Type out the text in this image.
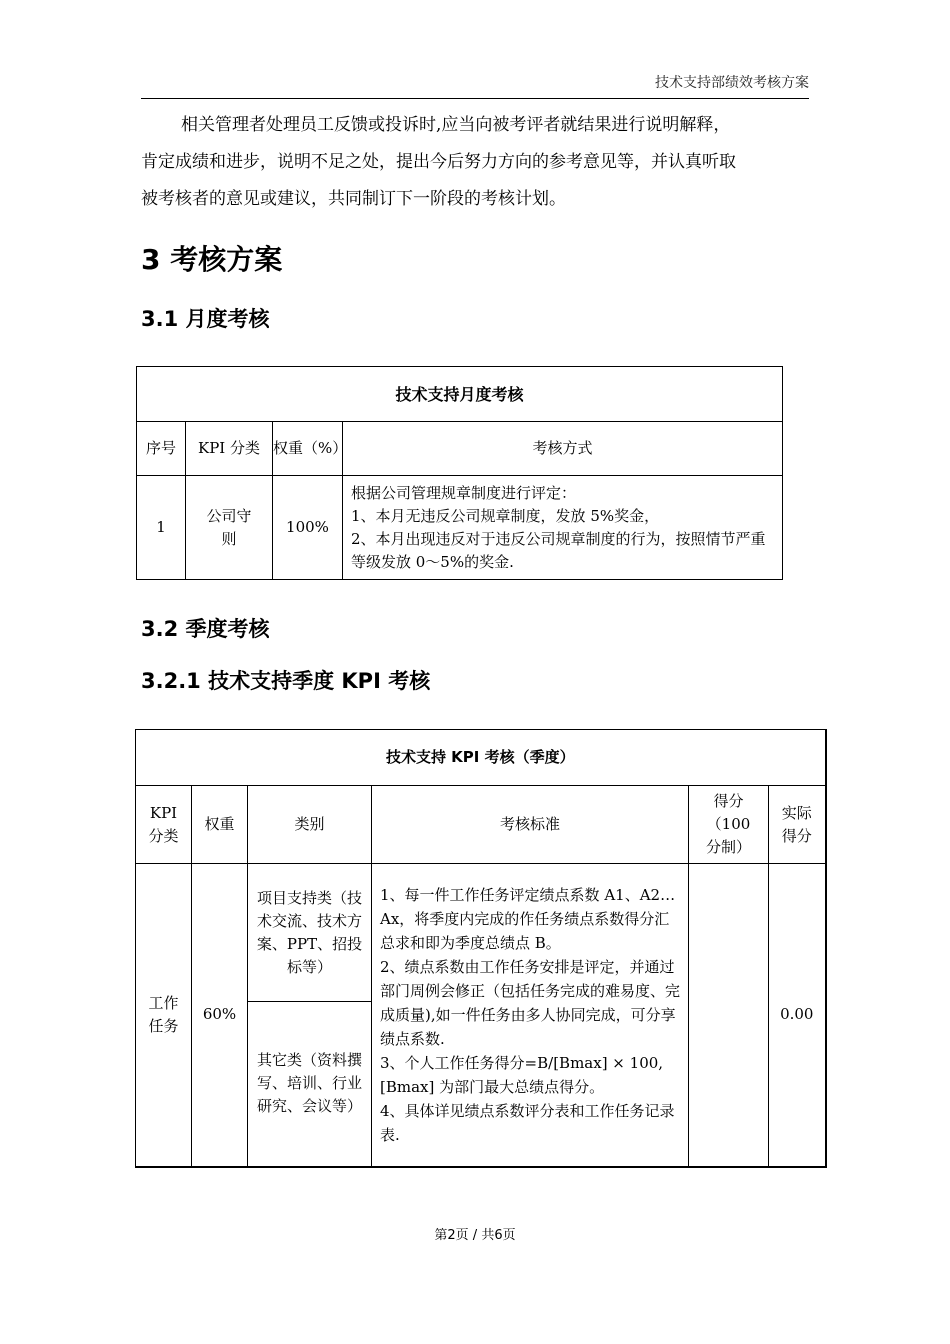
技术支持部绩效考核方案
相关管理者处理员工反馈或投诉时,应当向被考评者就结果进行说明解释，
肯定成绩和进步，说明不足之处，提出今后努力方向的参考意见等，并认真听取
被考核者的意见或建议，共同制订下一阶段的考核计划。
3 考核方案
3.1 月度考核
技术支持月度考核			
序号	KPI 分类	权重（%）	考核方式
1	公司守则	100%	根据公司管理规章制度进行评定：
1、本月无违反公司规章制度，发放 5%奖金，
2、本月出现违反对于违反公司规章制度的行为，按照情节严重等级发放 0～5%的奖金.
3.2 季度考核
3.2.1 技术支持季度 KPI 考核
技术支持 KPI 考核（季度）					
KPI 分类	权重	类别	考核标准	得分（100 分制）	实际得分
工作任务	60%	项目支持类（技术交流、技术方案、PPT、招投标等）	1、每一件工作任务评定绩点系数 A1、A2…Ax，将季度内完成的作任务绩点系数得分汇总求和即为季度总绩点 B。
2、绩点系数由工作任务安排是评定，并通过部门周例会修正（包括任务完成的难易度、完成质量),如一件任务由多人协同完成，可分享绩点系数.
3、个人工作任务得分=B/[Bmax] × 100,[Bmax] 为部门最大总绩点得分。
4、具体详见绩点系数评分表和工作任务记录表.		0.00
		其它类（资料撰写、培训、行业研究、会议等）			
第2页 / 共6页
